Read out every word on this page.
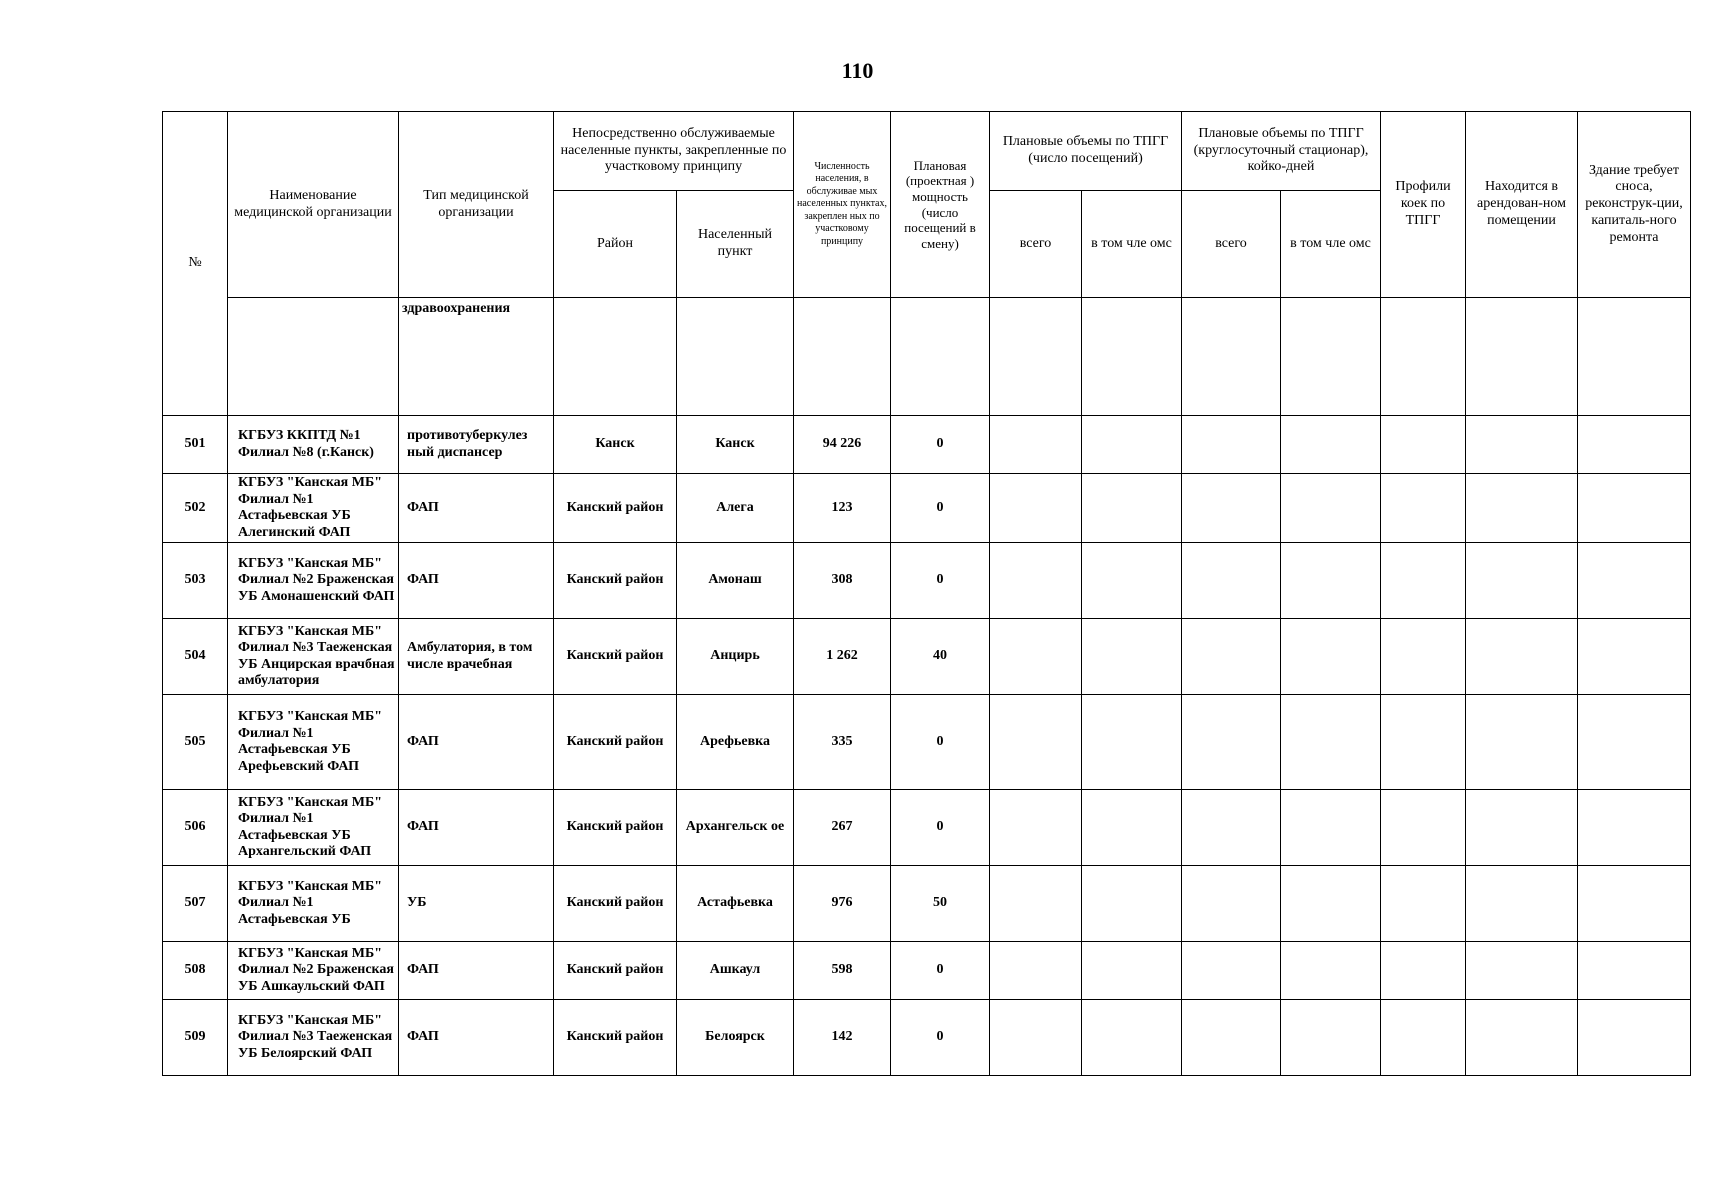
110
№	Наименование медицинской организации	Тип медицинской организации	Непосредственно обслуживаемые населенные пункты, закрепленные по участковому принципу		Численность населения, в обслуживае мых населенных пунктах, закреплен ных по участковому принципу	Плановая (проектная ) мощность (число посещений в смену)	Плановые объемы по ТПГГ (число посещений)		Плановые объемы по ТПГГ (круглосуточный стационар), койко-дней		Профили коек по ТПГГ	Находится в арендован-ном помещении	Здание требует сноса, реконструк-ции, капиталь-ного ремонта
			Район	Населенный пункт			всего	в том чле омс	всего	в том чле омс			
		здравоохранения											
501	КГБУЗ ККПТД №1 Филиал №8 (г.Канск)	противотуберкулез ный диспансер	Канск	Канск	94 226	0							
502	КГБУЗ "Канская МБ" Филиал №1 Астафьевская УБ Алегинский ФАП	ФАП	Канский район	Алега	123	0							
503	КГБУЗ "Канская МБ" Филиал №2 Браженская УБ Амонашенский ФАП	ФАП	Канский район	Амонаш	308	0							
504	КГБУЗ "Канская МБ" Филиал №3 Таеженская УБ Анцирская врачбная амбулатория	Амбулатория, в том числе врачебная	Канский район	Анцирь	1 262	40							
505	КГБУЗ "Канская МБ" Филиал №1 Астафьевская УБ Арефьевский ФАП	ФАП	Канский район	Арефьевка	335	0							
506	КГБУЗ "Канская МБ" Филиал №1 Астафьевская УБ Архангельский ФАП	ФАП	Канский район	Архангельск ое	267	0							
507	КГБУЗ "Канская МБ" Филиал №1 Астафьевская УБ	УБ	Канский район	Астафьевка	976	50							
508	КГБУЗ "Канская МБ" Филиал №2 Браженская УБ Ашкаульский ФАП	ФАП	Канский район	Ашкаул	598	0							
509	КГБУЗ "Канская МБ" Филиал №3 Таеженская УБ Белоярский ФАП	ФАП	Канский район	Белоярск	142	0							
